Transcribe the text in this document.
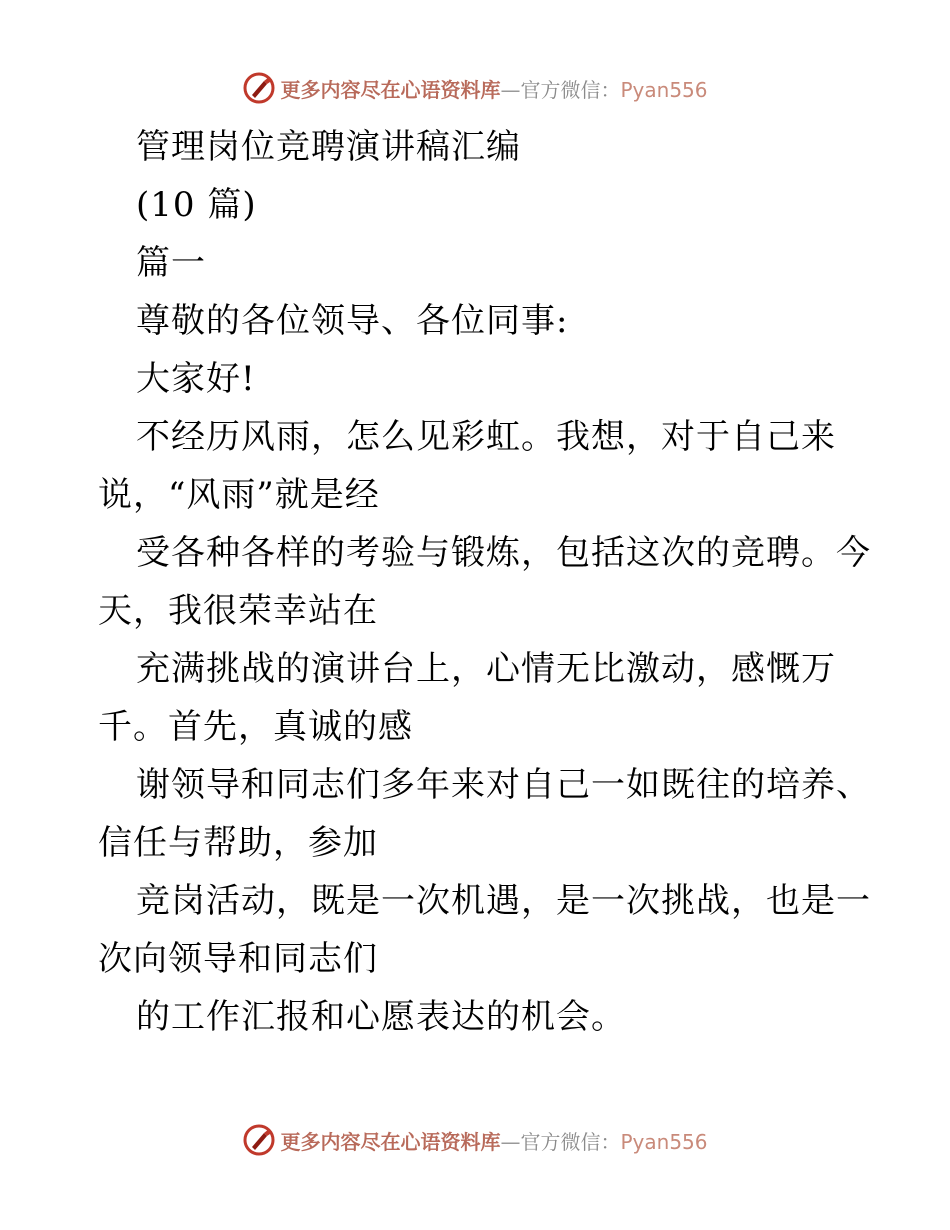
更多内容尽在心语资料库—官方微信：Pyan556
管理岗位竞聘演讲稿汇编
(10 篇)
篇一
尊敬的各位领导、各位同事:
大家好!
不经历风雨，怎么见彩虹。我想，对于自己来
说，“风雨”就是经
受各种各样的考验与锻炼，包括这次的竞聘。今
天，我很荣幸站在
充满挑战的演讲台上，心情无比激动，感慨万
千。首先，真诚的感
谢领导和同志们多年来对自己一如既往的培养、
信任与帮助，参加
竞岗活动，既是一次机遇，是一次挑战，也是一
次向领导和同志们
的工作汇报和心愿表达的机会。
更多内容尽在心语资料库—官方微信：Pyan556
